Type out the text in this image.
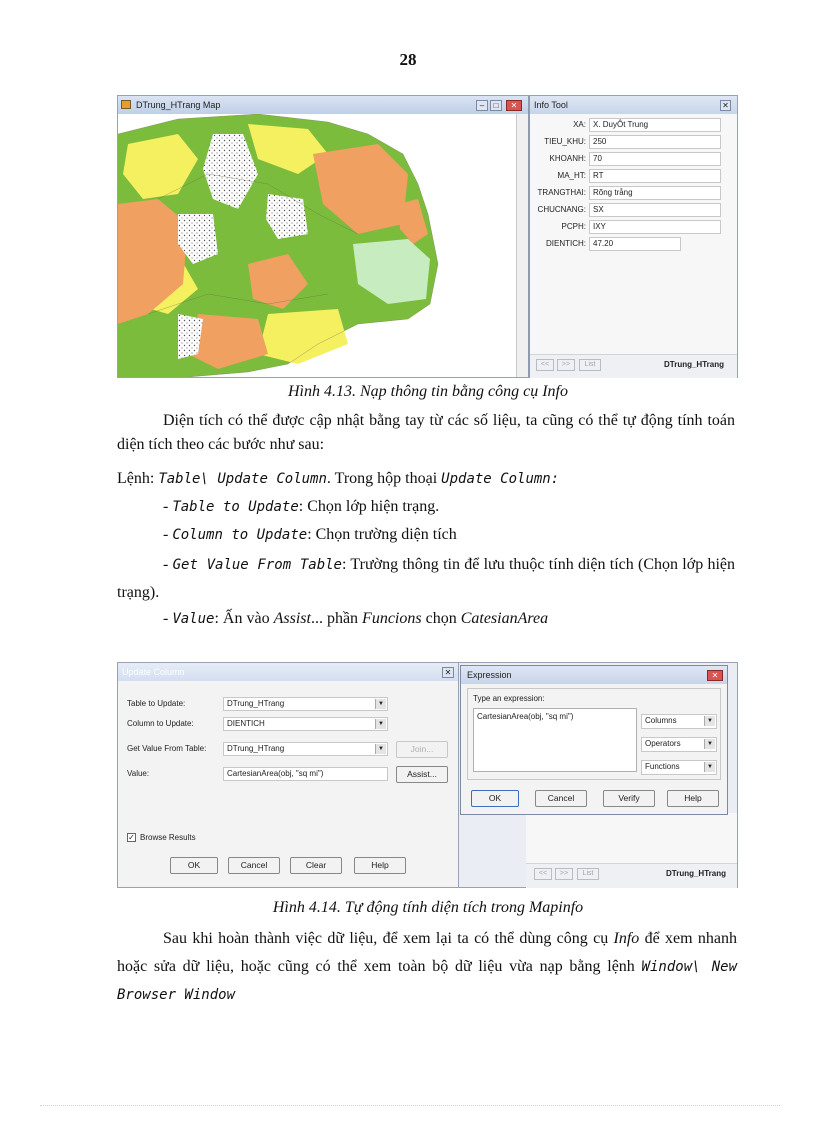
28
DTrung_HTrang Map	–	□	✕	Info Tool	✕
XA: X. DuyÔt Trung
TIEU_KHU: 250
KHOANH: 70
MA_HT: RT
TRANGTHAI: Rõng trång
CHUCNANG: SX
PCPH: IXY
DIENTICH: 47.20
<<	>>	List	DTrung_HTrang
Hình 4.13. Nạp thông tin bằng công cụ Info
Diện tích có thể được cập nhật bằng tay từ các số liệu, ta cũng có thể tự động tính toán diện tích theo các bước như sau:
Lệnh: Table\ Update Column. Trong hộp thoại Update Column:
- Table to Update: Chọn lớp hiện trạng.
- Column to Update: Chọn trường diện tích
- Get Value From Table: Trường thông tin để lưu thuộc tính diện tích (Chọn lớp hiện trạng).
- Value: Ấn vào Assist... phần Funcions chọn CatesianArea
Update Column	✕
Table to Update:	DTrung_HTrang	▼
Column to Update:	DIENTICH	▼
Get Value From Table:	DTrung_HTrang	▼	Join...
Value:	CartesianArea(obj, "sq mi")	Assist...
✓ Browse Results
OK	Cancel	Clear	Help
<<	>>	List	DTrung_HTrang
Expression	✕
Type an expression:
CartesianArea(obj, "sq mi")	Columns	▼
Operators	▼
Functions	▼
OK	Cancel	Verify	Help
Hình 4.14. Tự động tính diện tích trong Mapinfo
Sau khi hoàn thành việc dữ liệu, để xem lại ta có thể dùng công cụ Info để xem nhanh hoặc sửa dữ liệu, hoặc cũng có thể xem toàn bộ dữ liệu vừa nạp bằng lệnh Window\ New Browser Window
